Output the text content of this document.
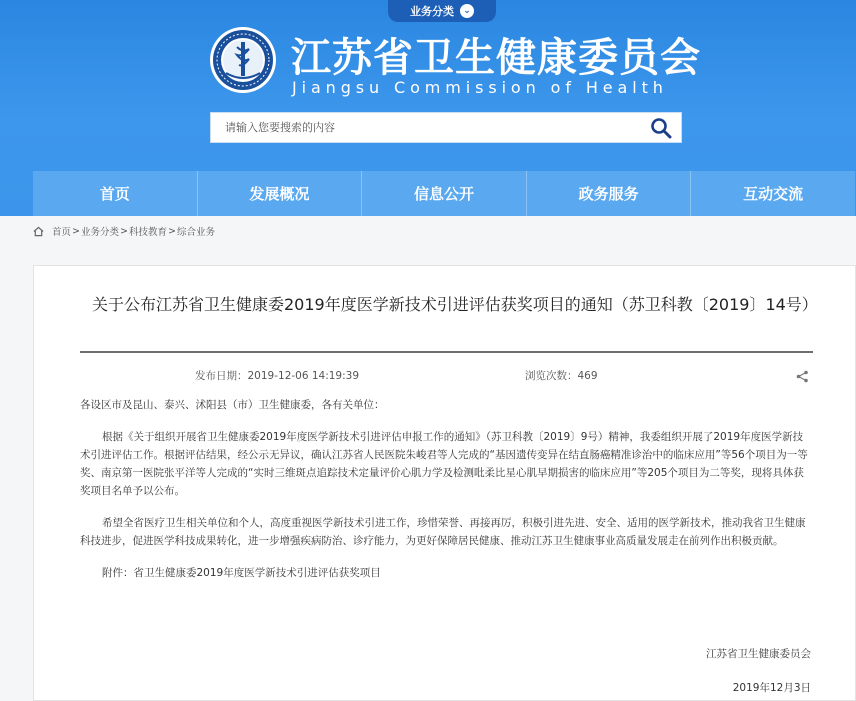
业务分类	⌄
江苏省卫生健康委员会
Jiangsu Commission of Health
请输入您要搜索的内容
首页	发展概况	信息公开	政务服务	互动交流
首页 > 业务分类 > 科技教育 > 综合业务
关于公布江苏省卫生健康委2019年度医学新技术引进评估获奖项目的通知（苏卫科教〔2019〕14号）
发布日期：2019-12-06 14:19:39	浏览次数：469

各设区市及昆山、泰兴、沭阳县（市）卫生健康委，各有关单位：

根据《关于组织开展省卫生健康委2019年度医学新技术引进评估申报工作的通知》（苏卫科教〔2019〕9号）精神，我委组织开展了2019年度医学新技术引进评估工作。根据评估结果，经公示无异议，确认江苏省人民医院朱峻君等人完成的“基因遗传变异在结直肠癌精准诊治中的临床应用”等56个项目为一等奖、南京第一医院张平洋等人完成的“实时三维斑点追踪技术定量评价心肌力学及检测吡柔比星心肌早期损害的临床应用”等205个项目为二等奖，现将具体获奖项目名单予以公布。

希望全省医疗卫生相关单位和个人，高度重视医学新技术引进工作，珍惜荣誉、再接再厉，积极引进先进、安全、适用的医学新技术，推动我省卫生健康科技进步，促进医学科技成果转化，进一步增强疾病防治、诊疗能力，为更好保障居民健康、推动江苏卫生健康事业高质量发展走在前列作出积极贡献。

附件：省卫生健康委2019年度医学新技术引进评估获奖项目

江苏省卫生健康委员会
2019年12月3日
